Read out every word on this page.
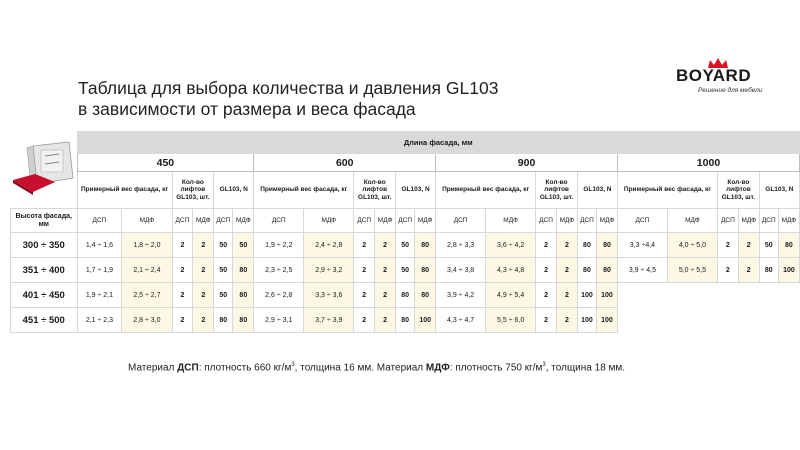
Таблица для выбора количества и давления GL103
в зависимости от размера и веса фасада
BOYARD
Решение для мебели
	Длина фасада, мм																							
	450						600						900						1000					
	Примерный вес фасада, кг		Кол-во лифтов GL103, шт.		GL103, N		Примерный вес фасада, кг		Кол-во лифтов GL103, шт.		GL103, N		Примерный вес фасада, кг		Кол-во лифтов GL103, шт.		GL103, N		Примерный вес фасада, кг		Кол-во лифтов GL103, шт.		GL103, N	
Высота фасада, мм	ДСП	МДФ	ДСП	МДФ	ДСП	МДФ	ДСП	МДФ	ДСП	МДФ	ДСП	МДФ	ДСП	МДФ	ДСП	МДФ	ДСП	МДФ	ДСП	МДФ	ДСП	МДФ	ДСП	МДФ
300 ÷ 350	1,4 ÷ 1,6	1,8 ÷ 2,0	2	2	50	50	1,9 ÷ 2,2	2,4 ÷ 2,8	2	2	50	80	2,8 ÷ 3,3	3,6 ÷ 4,2	2	2	80	80	3,3 ÷4,4	4,0 ÷ 5,0	2	2	50	80
351 ÷ 400	1,7 ÷ 1,9	2,1 ÷ 2,4	2	2	50	80	2,3 ÷ 2,5	2,9 ÷ 3,2	2	2	50	80	3,4 ÷ 3,8	4,3 ÷ 4,8	2	2	80	80	3,9 ÷ 4,5	5,0 ÷ 5,5	2	2	80	100
401 ÷ 450	1,9 ÷ 2,1	2,5 ÷ 2,7	2	2	50	80	2,6 ÷ 2,8	3,3 ÷ 3,6	2	2	80	80	3,9 ÷ 4,2	4,9 ÷ 5,4	2	2	100	100						
451 ÷ 500	2,1 ÷ 2,3	2,8 ÷ 3,0	2	2	80	80	2,9 ÷ 3,1	3,7 ÷ 3,9	2	2	80	100	4,3 ÷ 4,7	5,5 ÷ 6,0	2	2	100	100						
Материал ДСП: плотность 660 $кг/м^3$, толщина 16 мм. Материал МДФ: плотность 750 $кг/м^3$, толщина 18 мм.
